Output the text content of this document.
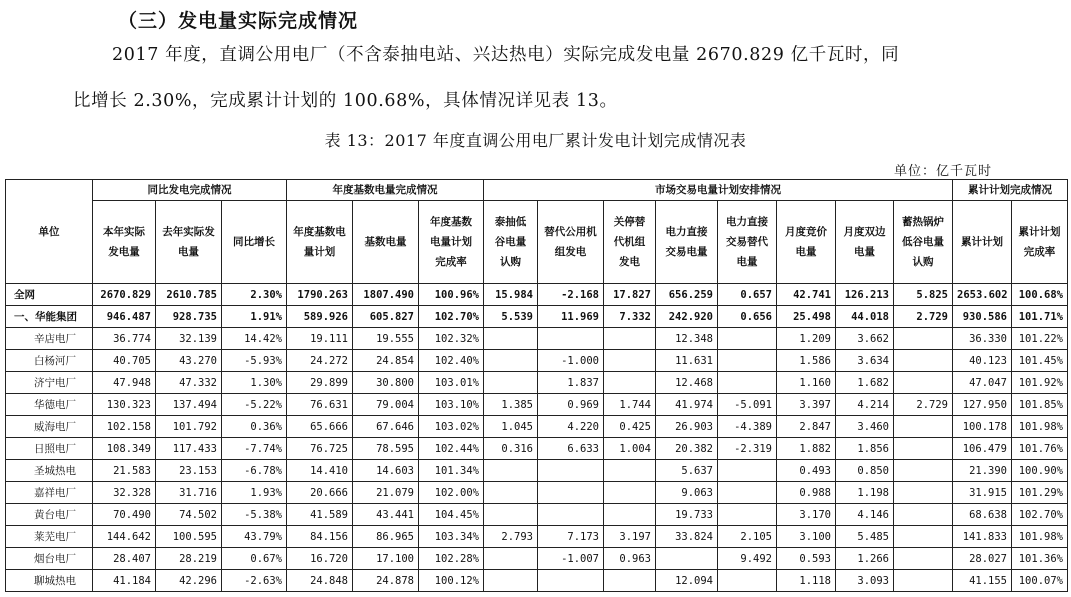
（三）发电量实际完成情况
2017 年度，直调公用电厂（不含泰抽电站、兴达热电）实际完成发电量 2670.829 亿千瓦时，同
比增长 2.30%，完成累计计划的 100.68%，具体情况详见表 13。
表 13：2017 年度直调公用电厂累计发电计划完成情况表
单位：亿千瓦时
单位	同比发电完成情况			年度基数电量完成情况			市场交易电量计划安排情况								累计计划完成情况	
	本年实际发电量	去年实际发电量	同比增长	年度基数电量计划	基数电量	年度基数电量计划完成率	泰抽低谷电量认购	替代公用机组发电	关停替代机组发电	电力直接交易电量	电力直接交易替代电量	月度竞价电量	月度双边电量	蓄热锅炉低谷电量认购	累计计划	累计计划完成率
全网	2670.829	2610.785	2.30%	1790.263	1807.490	100.96%	15.984	-2.168	17.827	656.259	0.657	42.741	126.213	5.825	2653.602	100.68%
一、华能集团	946.487	928.735	1.91%	589.926	605.827	102.70%	5.539	11.969	7.332	242.920	0.656	25.498	44.018	2.729	930.586	101.71%
辛店电厂	36.774	32.139	14.42%	19.111	19.555	102.32%				12.348		1.209	3.662		36.330	101.22%
白杨河厂	40.705	43.270	-5.93%	24.272	24.854	102.40%		-1.000		11.631		1.586	3.634		40.123	101.45%
济宁电厂	47.948	47.332	1.30%	29.899	30.800	103.01%		1.837		12.468		1.160	1.682		47.047	101.92%
华德电厂	130.323	137.494	-5.22%	76.631	79.004	103.10%	1.385	0.969	1.744	41.974	-5.091	3.397	4.214	2.729	127.950	101.85%
威海电厂	102.158	101.792	0.36%	65.666	67.646	103.02%	1.045	4.220	0.425	26.903	-4.389	2.847	3.460		100.178	101.98%
日照电厂	108.349	117.433	-7.74%	76.725	78.595	102.44%	0.316	6.633	1.004	20.382	-2.319	1.882	1.856		106.479	101.76%
圣城热电	21.583	23.153	-6.78%	14.410	14.603	101.34%				5.637		0.493	0.850		21.390	100.90%
嘉祥电厂	32.328	31.716	1.93%	20.666	21.079	102.00%				9.063		0.988	1.198		31.915	101.29%
黄台电厂	70.490	74.502	-5.38%	41.589	43.441	104.45%				19.733		3.170	4.146		68.638	102.70%
莱芜电厂	144.642	100.595	43.79%	84.156	86.965	103.34%	2.793	7.173	3.197	33.824	2.105	3.100	5.485		141.833	101.98%
烟台电厂	28.407	28.219	0.67%	16.720	17.100	102.28%		-1.007	0.963		9.492	0.593	1.266		28.027	101.36%
聊城热电	41.184	42.296	-2.63%	24.848	24.878	100.12%				12.094		1.118	3.093		41.155	100.07%
